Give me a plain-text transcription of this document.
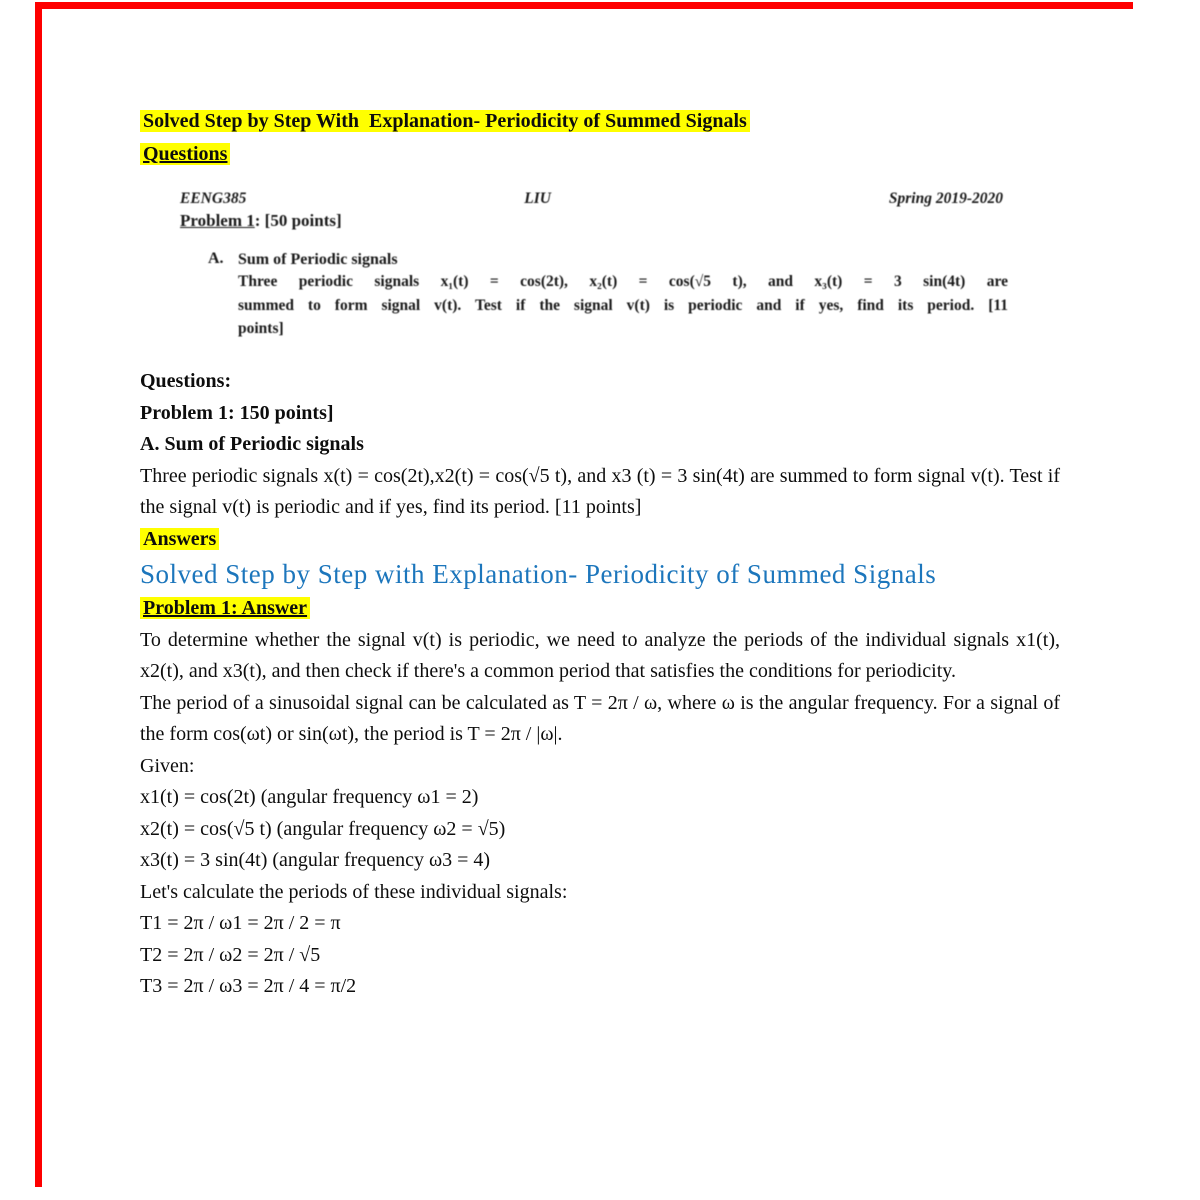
Solved Step by Step With  Explanation- Periodicity of Summed Signals
Questions
EENG385	LIU	Spring 2019-2020
Problem 1: [50 points]
A. Sum of Periodic signals
Three periodic signals x₁(t) = cos(2t), x₂(t) = cos(√5 t), and x₃(t) = 3 sin(4t) are
summed to form signal v(t). Test if the signal v(t) is periodic and if yes, find its period. [11
points]

Questions:

Problem 1: 150 points]

A. Sum of Periodic signals

Three periodic signals x(t) = cos(2t),x2(t) = cos(√5 t), and x3 (t) = 3 sin(4t) are summed to form signal v(t). Test if the signal v(t) is periodic and if yes, find its period. [11 points]

Answers

Solved Step by Step with Explanation- Periodicity of Summed Signals

Problem 1: Answer

To determine whether the signal v(t) is periodic, we need to analyze the periods of the individual signals x1(t), x2(t), and x3(t), and then check if there's a common period that satisfies the conditions for periodicity.

The period of a sinusoidal signal can be calculated as T = 2π / ω, where ω is the angular frequency. For a signal of the form cos(ωt) or sin(ωt), the period is T = 2π / |ω|.

Given:

x1(t) = cos(2t) (angular frequency ω1 = 2)

x2(t) = cos(√5 t) (angular frequency ω2 = √5)

x3(t) = 3 sin(4t) (angular frequency ω3 = 4)

Let's calculate the periods of these individual signals:

T1 = 2π / ω1 = 2π / 2 = π

T2 = 2π / ω2 = 2π / √5

T3 = 2π / ω3 = 2π / 4 = π/2
